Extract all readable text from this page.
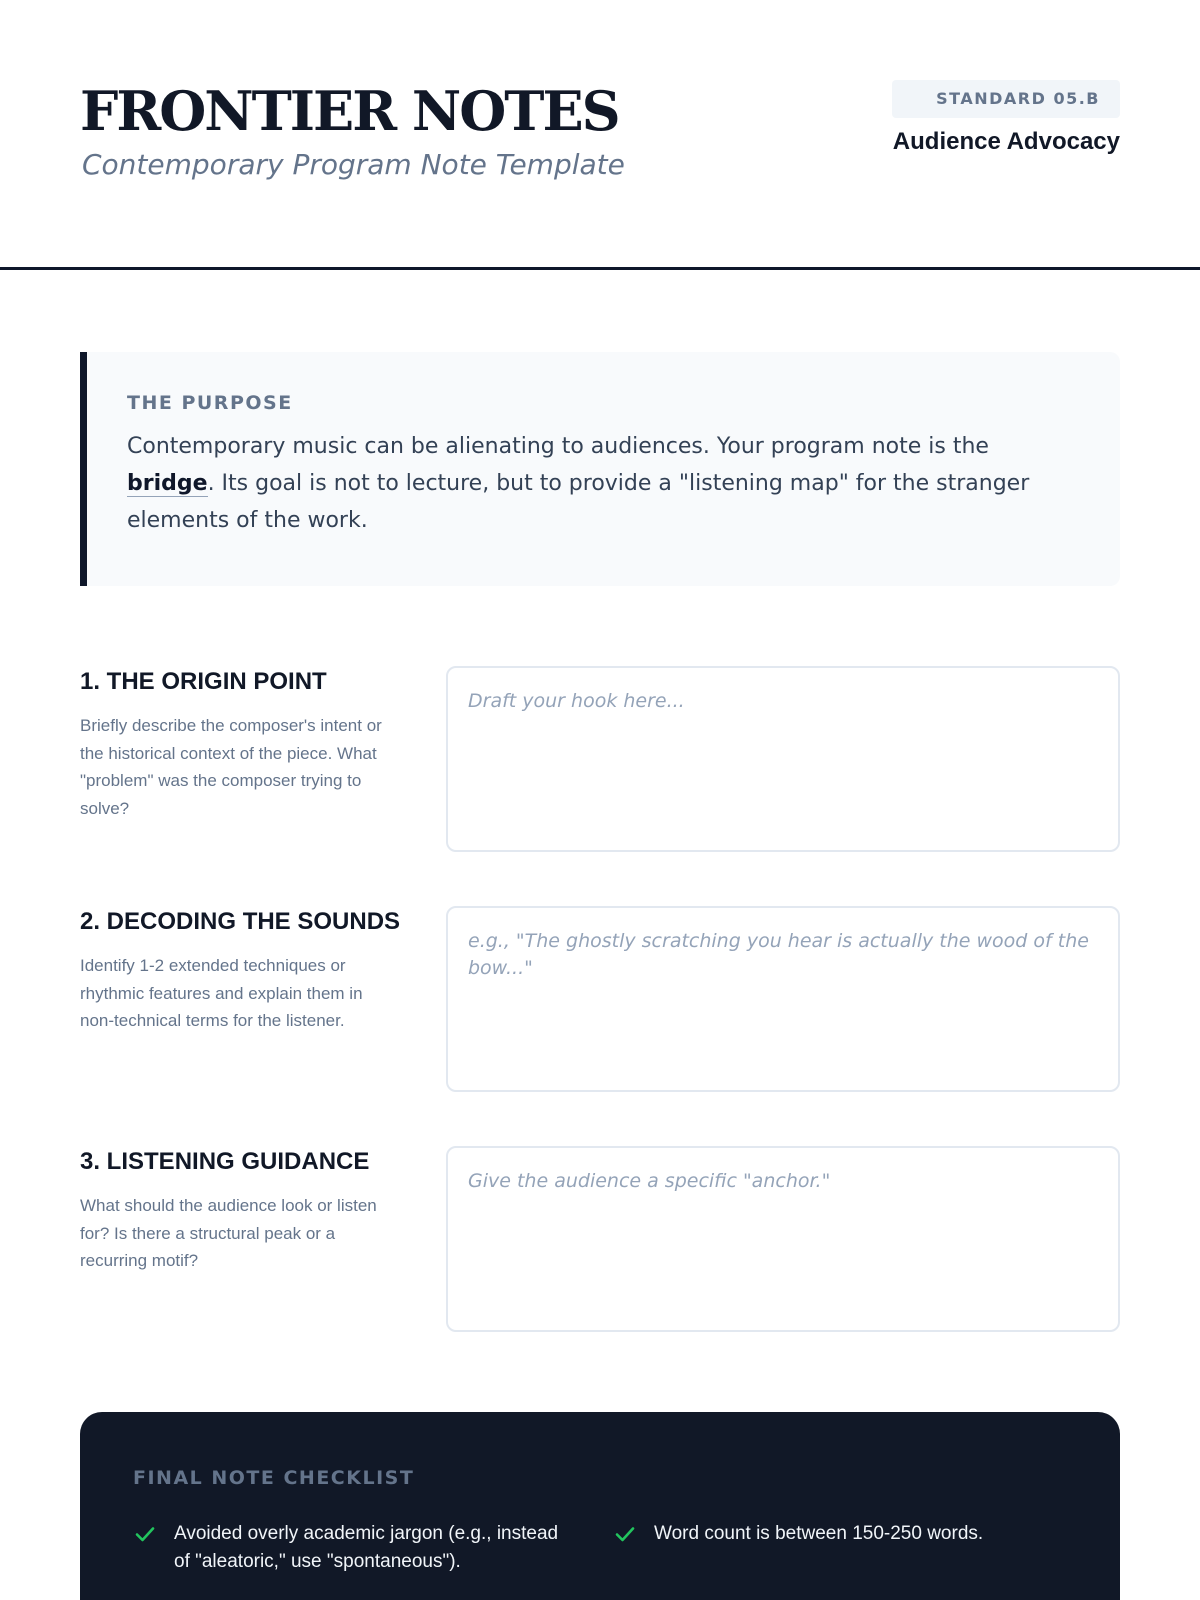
FRONTIER NOTES
Contemporary Program Note Template
STANDARD 05.B
Audience Advocacy
THE PURPOSE

Contemporary music can be alienating to audiences. Your program note is the bridge. Its goal is not to lecture, but to provide a "listening map" for the stranger elements of the work.

1. THE ORIGIN POINT

Briefly describe the composer's intent or the historical context of the piece. What "problem" was the composer trying to solve?

Draft your hook here...
2. DECODING THE SOUNDS

Identify 1-2 extended techniques or rhythmic features and explain them in non-technical terms for the listener.

e.g., "The ghostly scratching you hear is actually the wood of the bow..."
3. LISTENING GUIDANCE

What should the audience look or listen for? Is there a structural peak or a recurring motif?

Give the audience a specific "anchor."
FINAL NOTE CHECKLIST
Avoided overly academic jargon (e.g., instead of "aleatoric," use "spontaneous").
Word count is between 150-250 words.
